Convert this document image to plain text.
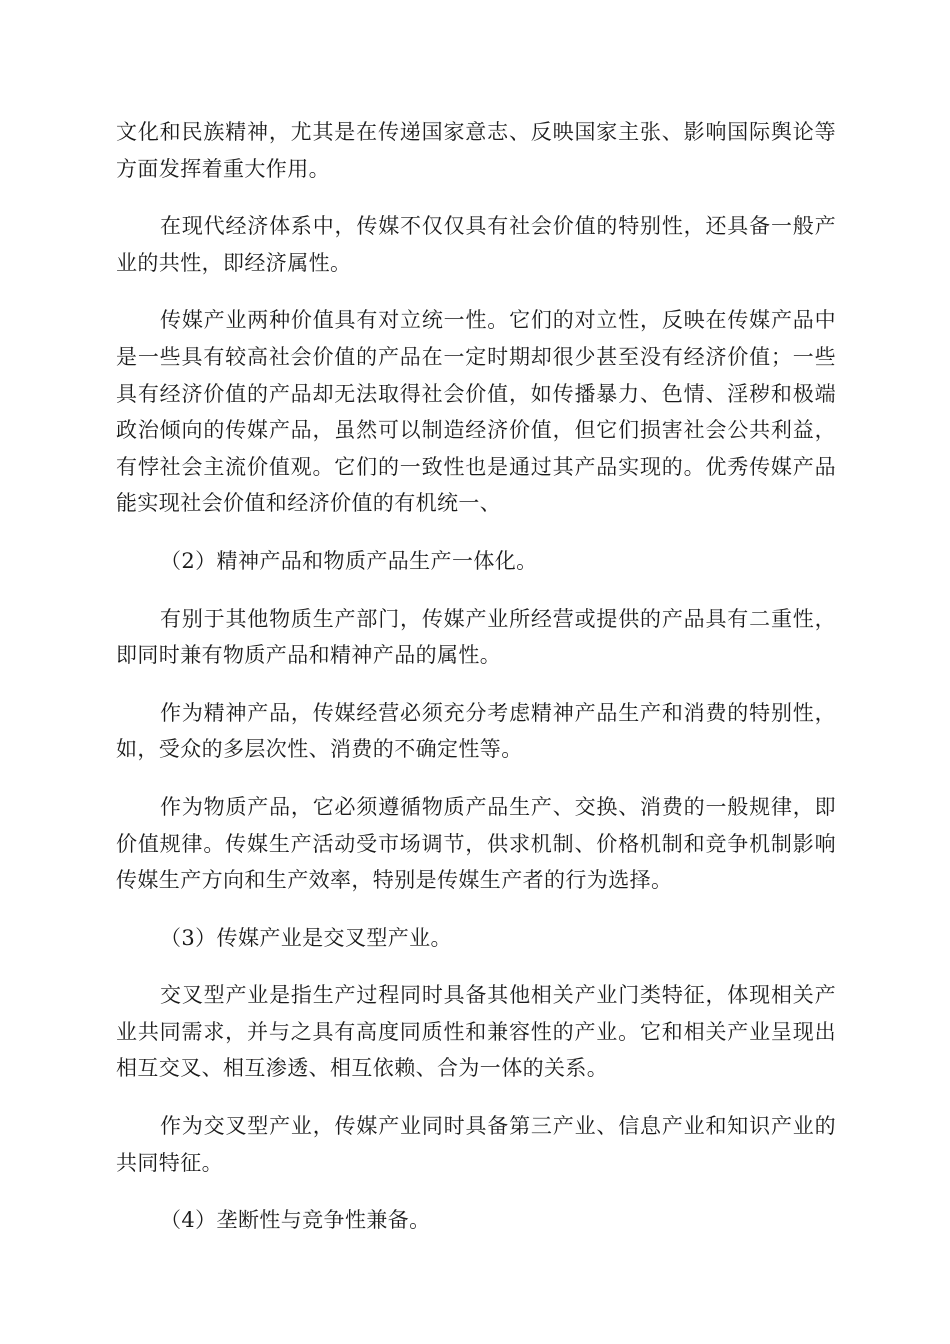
文化和民族精神，尤其是在传递国家意志、反映国家主张、影响国际舆论等方面发挥着重大作用。

在现代经济体系中，传媒不仅仅具有社会价值的特别性，还具备一般产业的共性，即经济属性。

传媒产业两种价值具有对立统一性。它们的对立性，反映在传媒产品中是一些具有较高社会价值的产品在一定时期却很少甚至没有经济价值；一些具有经济价值的产品却无法取得社会价值，如传播暴力、色情、淫秽和极端政治倾向的传媒产品，虽然可以制造经济价值，但它们损害社会公共利益，有悖社会主流价值观。它们的一致性也是通过其产品实现的。优秀传媒产品能实现社会价值和经济价值的有机统一、

（2）精神产品和物质产品生产一体化。

有别于其他物质生产部门，传媒产业所经营或提供的产品具有二重性，即同时兼有物质产品和精神产品的属性。

作为精神产品，传媒经营必须充分考虑精神产品生产和消费的特别性，如，受众的多层次性、消费的不确定性等。

作为物质产品，它必须遵循物质产品生产、交换、消费的一般规律，即价值规律。传媒生产活动受市场调节，供求机制、价格机制和竞争机制影响传媒生产方向和生产效率，特别是传媒生产者的行为选择。

（3）传媒产业是交叉型产业。

交叉型产业是指生产过程同时具备其他相关产业门类特征，体现相关产业共同需求，并与之具有高度同质性和兼容性的产业。它和相关产业呈现出相互交叉、相互渗透、相互依赖、合为一体的关系。

作为交叉型产业，传媒产业同时具备第三产业、信息产业和知识产业的共同特征。

（4）垄断性与竞争性兼备。
